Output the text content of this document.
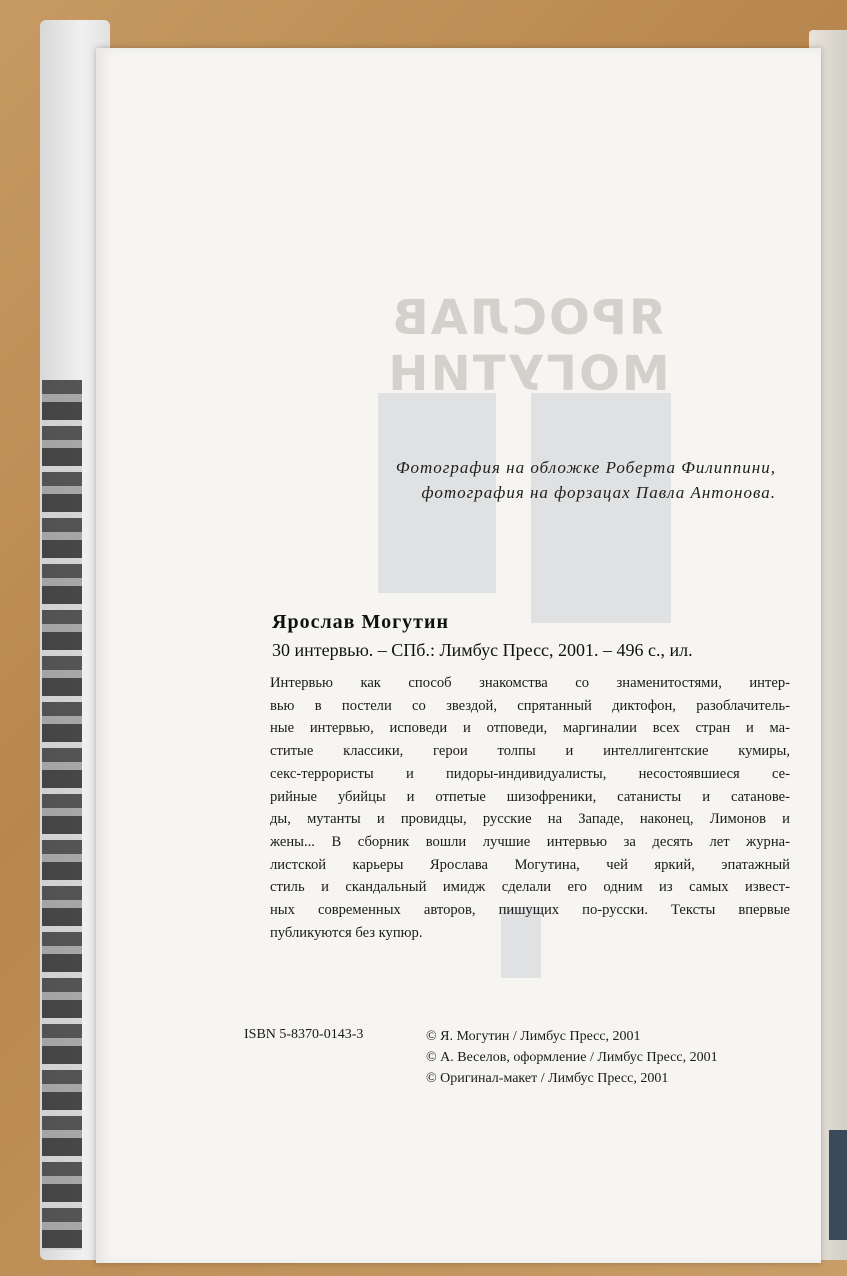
ЯРОСЛАВ
МОГУТИН
Фотография на обложке Роберта Филиппини,
фотография на форзацах Павла Антонова.
Ярослав Могутин
30 интервью. – СПб.: Лимбус Пресс, 2001. – 496 с., ил.
Интервью как способ знакомства со знаменитостями, интер-
вью в постели со звездой, спрятанный диктофон, разоблачитель-
ные интервью, исповеди и отповеди, маргиналии всех стран и ма-
ститые классики, герои толпы и интеллигентские кумиры,
секс-террористы и пидоры-индивидуалисты, несостоявшиеся се-
рийные убийцы и отпетые шизофреники, сатанисты и сатанове-
ды, мутанты и провидцы, русские на Западе, наконец, Лимонов и
жены... В сборник вошли лучшие интервью за десять лет журна-
листской карьеры Ярослава Могутина, чей яркий, эпатажный
стиль и скандальный имидж сделали его одним из самых извест-
ных современных авторов, пишущих по-русски. Тексты впервые
публикуются без купюр.
ISBN 5-8370-0143-3	© Я. Могутин / Лимбус Пресс, 2001
© А. Веселов, оформление / Лимбус Пресс, 2001
© Оригинал-макет / Лимбус Пресс, 2001
